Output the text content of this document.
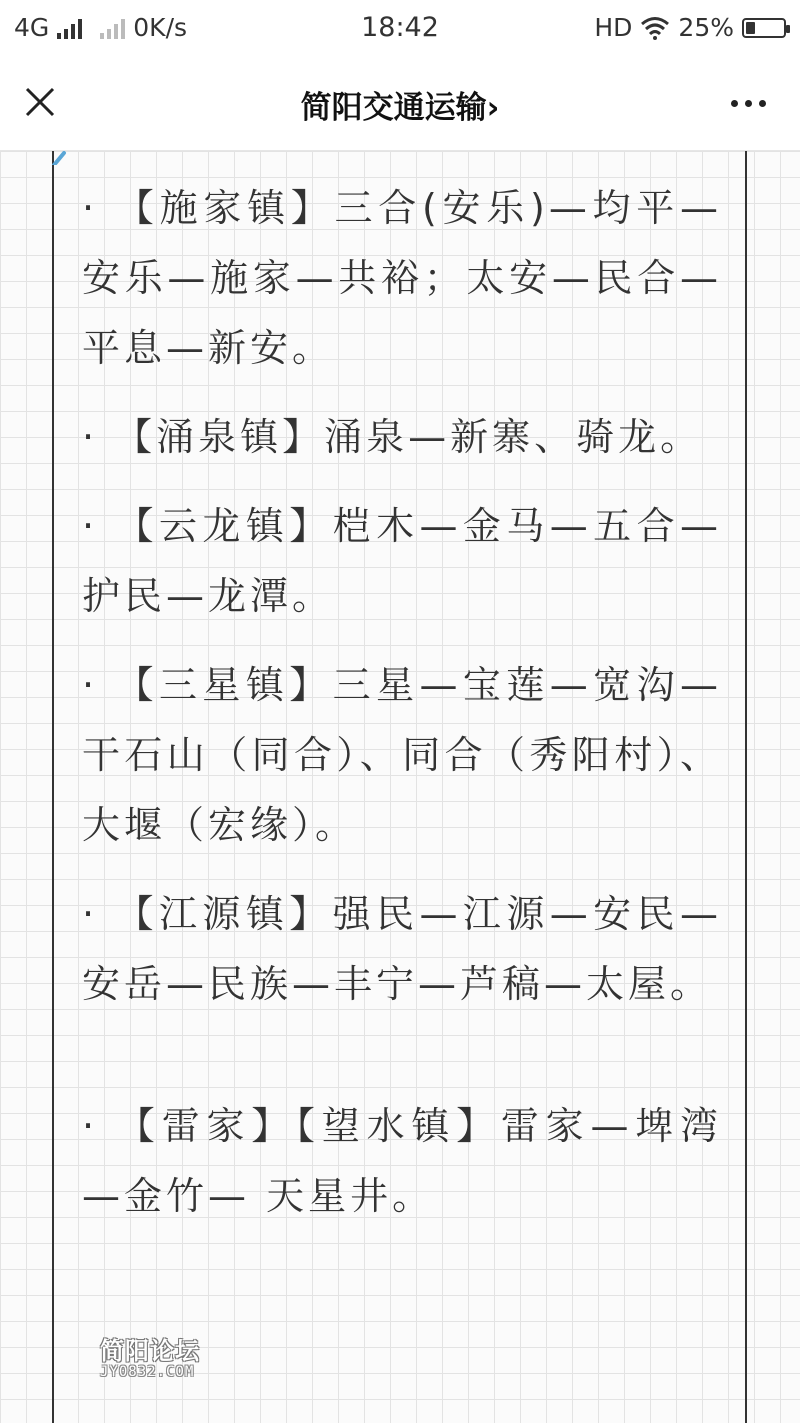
4G	0K/s	18:42	HD 25%
简阳交通运输›

· 【施家镇】三合(安乐)—均平—安乐—施家—共裕；太安—民合—平息—新安。

· 【涌泉镇】涌泉—新寨、骑龙。

· 【云龙镇】桤木—金马—五合—护民—龙潭。

· 【三星镇】三星—宝莲—宽沟—干石山（同合）、同合（秀阳村）、大堰（宏缘）。

· 【江源镇】强民—江源—安民—安岳—民族—丰宁—芦稿—太屋。

· 【雷家】【望水镇】雷家—埤湾—金竹— 天星井。

简阳论坛
JY0832.COM
